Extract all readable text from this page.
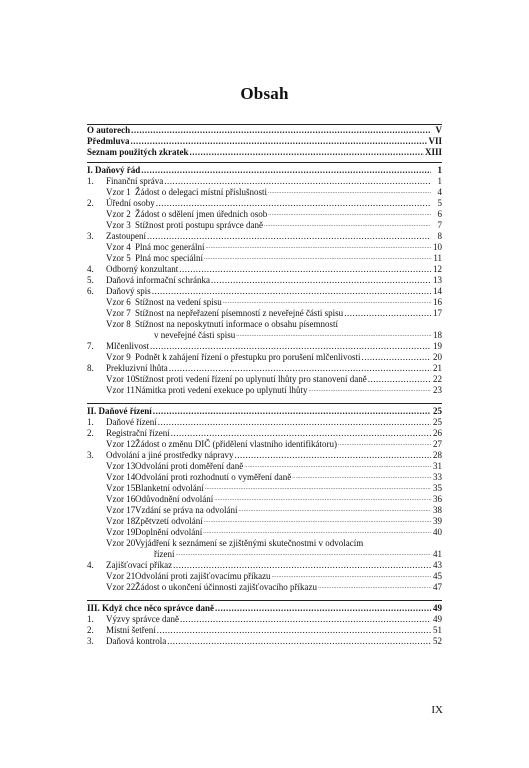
Obsah
O autorech .....	V
Předmluva .....	VII
Seznam použitých zkratek .....	XIII
I. Daňový řád .....	1
1.	Finanční správa .....	1
Vzor 1 Žádost o delegaci místní příslušnosti .....	4
2.	Úřední osoby .....	5
Vzor 2 Žádost o sdělení jmen úředních osob .....	6
Vzor 3 Stížnost proti postupu správce daně .....	7
3.	Zastoupení .....	8
Vzor 4 Plná moc generální .....	10
Vzor 5 Plná moc speciální .....	11
4.	Odborný konzultant .....	12
5.	Daňová informační schránka .....	13
6.	Daňový spis .....	14
Vzor 6 Stížnost na vedení spisu .....	16
Vzor 7 Stížnost na nepřeřazení písemností z neveřejné části spisu .....	17
Vzor 8 Stížnost na neposkytnutí informace o obsahu písemností
v neveřejné části spisu .....	18
7.	Mlčenlivost .....	19
Vzor 9 Podnět k zahájení řízení o přestupku pro porušení mlčenlivosti .....	20
8.	Prekluzivní lhůta .....	21
Vzor 10 Stížnost proti vedení řízení po uplynutí lhůty pro stanovení daně .....	22
Vzor 11 Námitka proti vedení exekuce po uplynutí lhůty .....	23
II. Daňové řízení .....	25
1.	Daňové řízení .....	25
2.	Registrační řízení .....	26
Vzor 12 Žádost o změnu DIČ (přidělení vlastního identifikátoru) .....	27
3.	Odvolání a jiné prostředky nápravy .....	28
Vzor 13 Odvolání proti doměření daně .....	31
Vzor 14 Odvolání proti rozhodnutí o vyměření daně .....	33
Vzor 15 Blanketní odvolání .....	35
Vzor 16 Odůvodnění odvolání .....	36
Vzor 17 Vzdání se práva na odvolání .....	38
Vzor 18 Zpětvzetí odvolání .....	39
Vzor 19 Doplnění odvolání .....	40
Vzor 20 Vyjádření k seznámení se zjištěnými skutečnostmi v odvolacím
řízení .....	41
4.	Zajišťovací příkaz .....	43
Vzor 21 Odvolání proti zajišťovacímu příkazu .....	45
Vzor 22 Žádost o ukončení účinnosti zajišťovacího příkazu .....	47
III. Když chce něco správce daně .....	49
1.	Výzvy správce daně .....	49
2.	Místní šetření .....	51
3.	Daňová kontrola .....	52
IX
